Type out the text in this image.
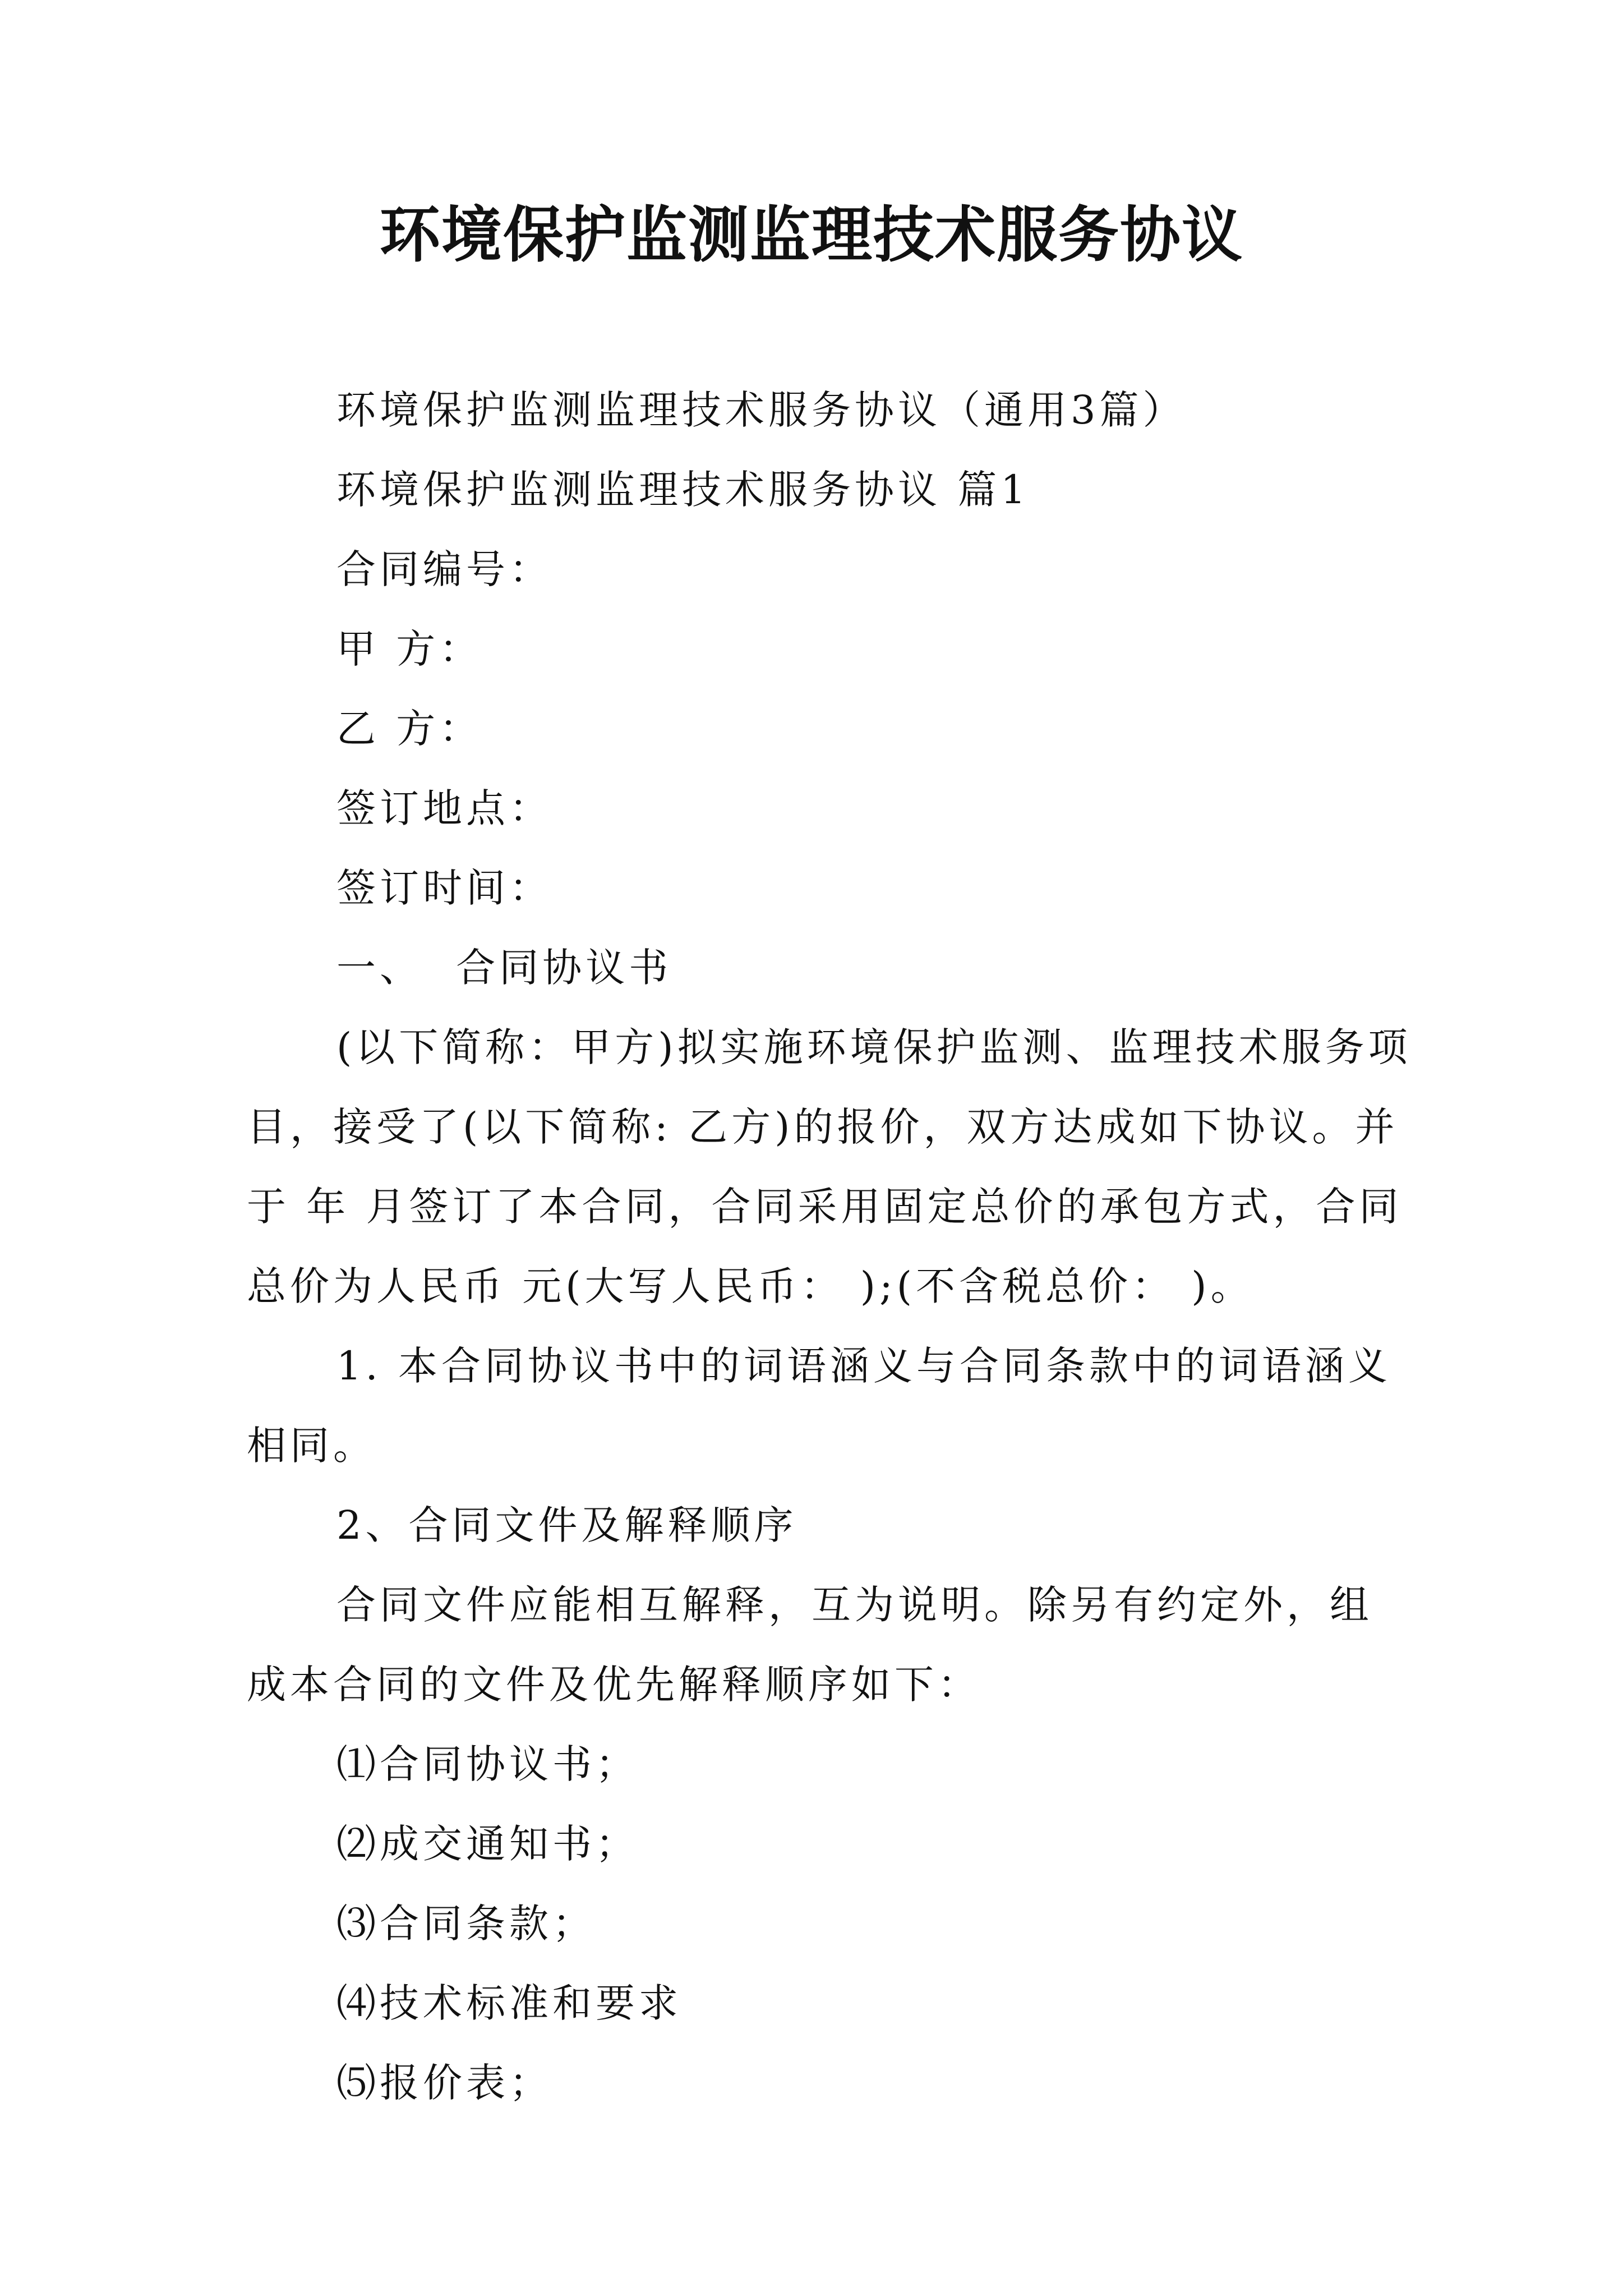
环境保护监测监理技术服务协议

环境保护监测监理技术服务协议（通用3篇）

环境保护监测监理技术服务协议 篇1

合同编号：

甲 方：

乙 方：

签订地点：

签订时间：

一、 合同协议书

(以下简称：甲方)拟实施环境保护监测、监理技术服务项目，接受了(以下简称: 乙方)的报价，双方达成如下协议。并于 年 月签订了本合同，合同采用固定总价的承包方式，合同总价为人民币 元(大写人民币： );(不含税总价： )。

1. 本合同协议书中的词语涵义与合同条款中的词语涵义相同。

2、合同文件及解释顺序

合同文件应能相互解释，互为说明。除另有约定外，组成本合同的文件及优先解释顺序如下：

⑴合同协议书；

⑵成交通知书；

⑶合同条款；

⑷技术标准和要求

⑸报价表；
